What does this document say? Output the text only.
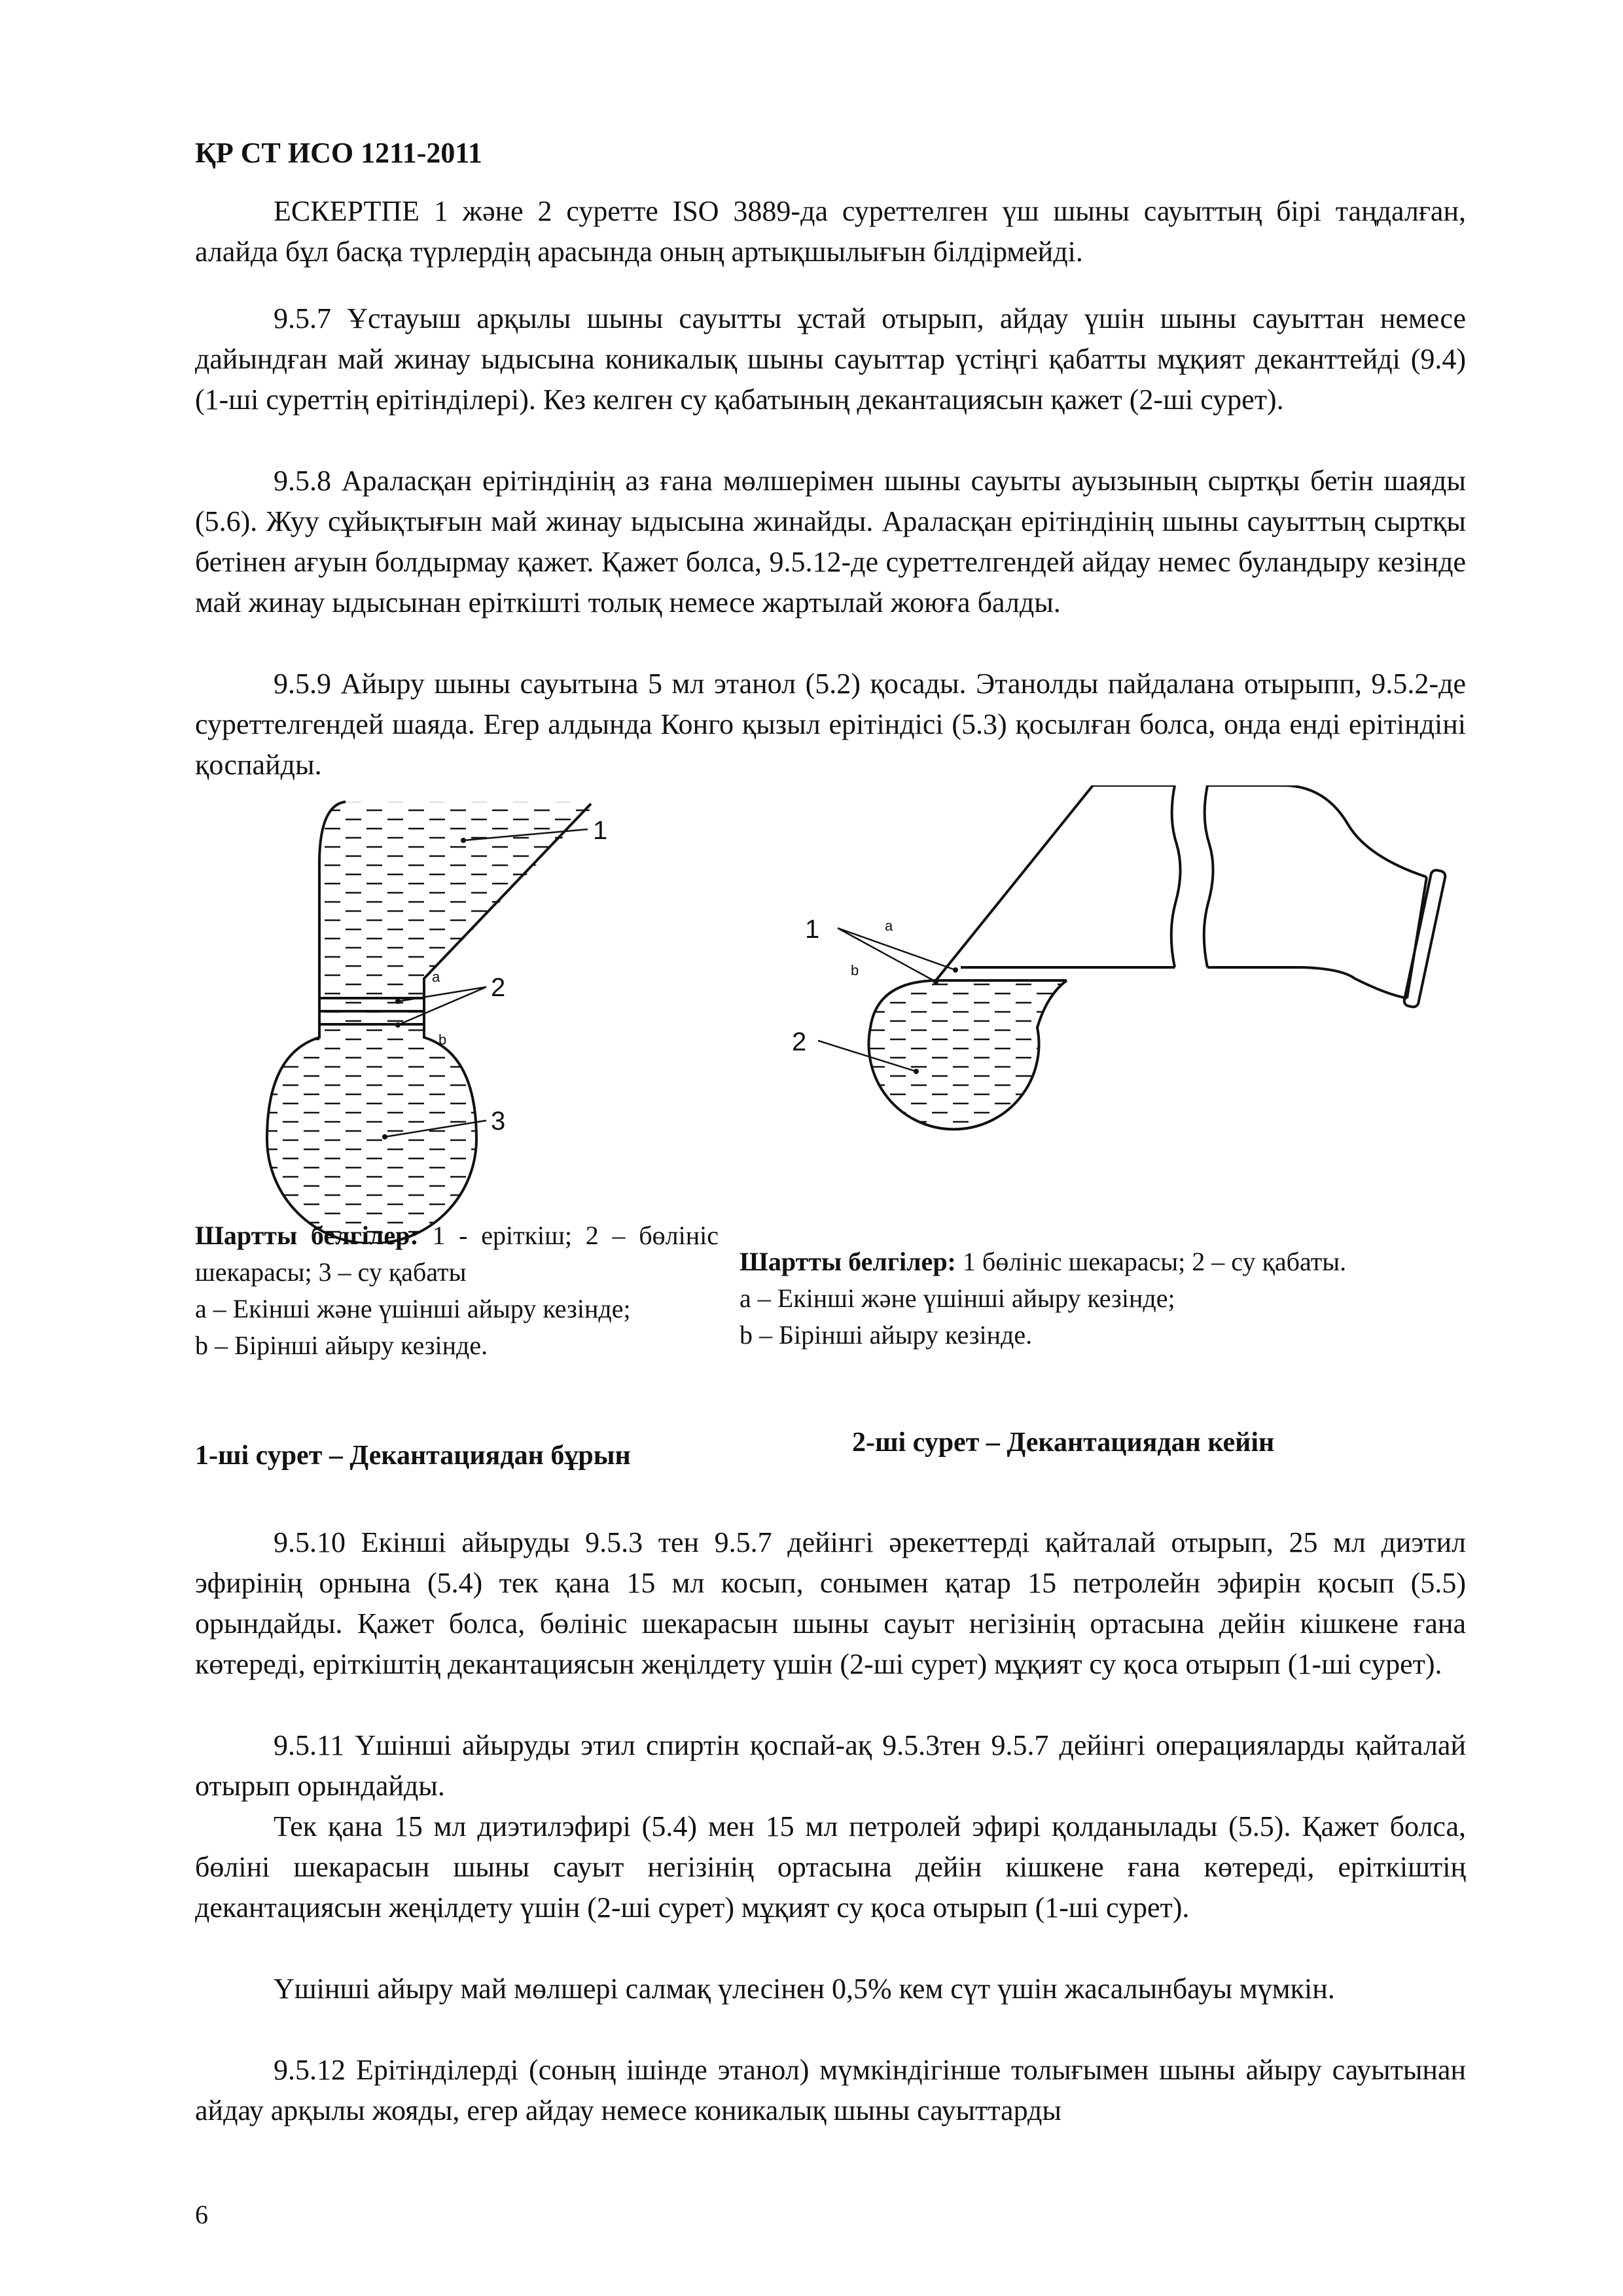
ҚР СТ ИСО 1211-2011

ЕСКЕРТПЕ 1 және 2 суретте ISO 3889-да суреттелген үш шыны сауыттың бірі таңдалған, алайда бұл басқа түрлердің арасында оның артықшылығын білдірмейді.

9.5.7 Ұстауыш арқылы шыны сауытты ұстай отырып, айдау үшін шыны сауыттан немесе дайындған май жинау ыдысына коникалық шыны сауыттар үстіңгі қабатты мұқият деканттейді (9.4) (1-ші суреттің ерітінділері). Кез келген су қабатының декантациясын қажет (2-ші сурет).

9.5.8 Араласқан ерітіндінің аз ғана мөлшерімен шыны сауыты ауызының сыртқы бетін шаяды (5.6). Жуу сұйықтығын май жинау ыдысына жинайды. Араласқан ерітіндінің шыны сауыттың сыртқы бетінен ағуын болдырмау қажет. Қажет болса, 9.5.12-де суреттелгендей айдау немес буландыру кезінде май жинау ыдысынан еріткішті толық немесе жартылай жоюға балды.

9.5.9 Айыру шыны сауытына 5 мл этанол (5.2) қосады. Этанолды пайдалана отырыпп, 9.5.2-де суреттелгендей шаяда. Егер алдында Конго қызыл ерітіндісі (5.3) қосылған болса, онда енді ерітіндіні қоспайды.

1
2
3
a
b
Шартты белгілер: 1 - еріткіш; 2 – бөлініс шекарасы; 3 – су қабаты
a – Екінші және үшінші айыру кезінде;
b – Бірінші айыру кезінде.
1-ші сурет – Декантациядан бұрын
1
2
a
b
Шартты белгілер: 1 бөлініс шекарасы; 2 – су қабаты.
a – Екінші және үшінші айыру кезінде;
b – Бірінші айыру кезінде.
2-ші сурет – Декантациядан кейін

9.5.10 Екінші айыруды 9.5.3 тен 9.5.7 дейінгі әрекеттерді қайталай отырып, 25 мл диэтил эфирінің орнына (5.4) тек қана 15 мл косып, сонымен қатар 15 петролейн эфирін қосып (5.5) орындайды. Қажет болса, бөлініс шекарасын шыны сауыт негізінің ортасына дейін кішкене ғана көтереді, еріткіштің декантациясын жеңілдету үшін (2-ші сурет) мұқият су қоса отырып (1-ші сурет).

9.5.11 Үшінші айыруды этил спиртін қоспай-ақ 9.5.3тен 9.5.7 дейінгі операцияларды қайталай отырып орындайды.

Тек қана 15 мл диэтилэфирі (5.4) мен 15 мл петролей эфирі қолданылады (5.5). Қажет болса, бөліні шекарасын шыны сауыт негізінің ортасына дейін кішкене ғана көтереді, еріткіштің декантациясын жеңілдету үшін (2-ші сурет) мұқият су қоса отырып (1-ші сурет).

Үшінші айыру май мөлшері салмақ үлесінен 0,5% кем сүт үшін жасалынбауы мүмкін.

9.5.12 Ерітінділерді (соның ішінде этанол) мүмкіндігінше толығымен шыны айыру сауытынан айдау арқылы жояды, егер айдау немесе коникалық шыны сауыттарды

6
